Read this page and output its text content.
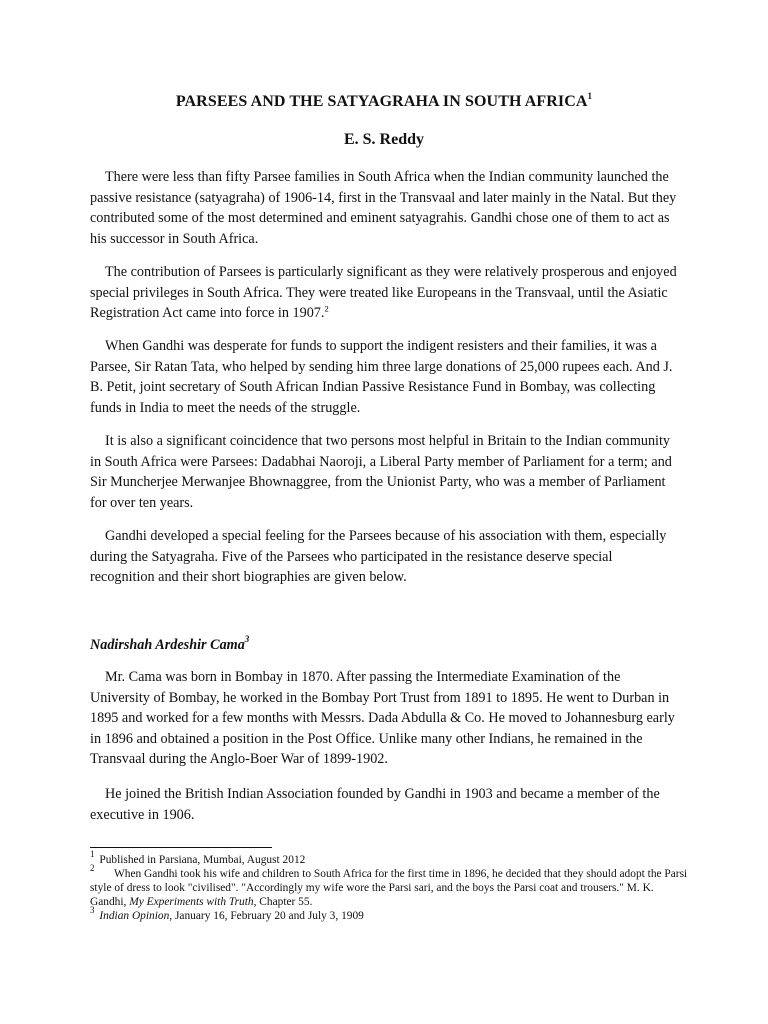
PARSEES AND THE SATYAGRAHA IN SOUTH AFRICA$^1$
E. S. Reddy

There were less than fifty Parsee families in South Africa when the Indian community launched the passive resistance (satyagraha) of 1906-14, first in the Transvaal and later mainly in the Natal. But they contributed some of the most determined and eminent satyagrahis. Gandhi chose one of them to act as his successor in South Africa.

The contribution of Parsees is particularly significant as they were relatively prosperous and enjoyed special privileges in South Africa. They were treated like Europeans in the Transvaal, until the Asiatic Registration Act came into force in 1907.$^2$

When Gandhi was desperate for funds to support the indigent resisters and their families, it was a Parsee, Sir Ratan Tata, who helped by sending him three large donations of 25,000 rupees each. And J. B. Petit, joint secretary of South African Indian Passive Resistance Fund in Bombay, was collecting funds in India to meet the needs of the struggle.

It is also a significant coincidence that two persons most helpful in Britain to the Indian community in South Africa were Parsees: Dadabhai Naoroji, a Liberal Party member of Parliament for a term; and Sir Muncherjee Merwanjee Bhownaggree, from the Unionist Party, who was a member of Parliament for over ten years.

Gandhi developed a special feeling for the Parsees because of his association with them, especially during the Satyagraha. Five of the Parsees who participated in the resistance deserve special recognition and their short biographies are given below.

Nadirshah Ardeshir Cama$^3$

Mr. Cama was born in Bombay in 1870. After passing the Intermediate Examination of the University of Bombay, he worked in the Bombay Port Trust from 1891 to 1895. He went to Durban in 1895 and worked for a few months with Messrs. Dada Abdulla & Co. He moved to Johannesburg early in 1896 and obtained a position in the Post Office. Unlike many other Indians, he remained in the Transvaal during the Anglo-Boer War of 1899-1902.

He joined the British Indian Association founded by Gandhi in 1903 and became a member of the executive in 1906.

$^1$ Published in Parsiana, Mumbai, August 2012

$^2$ When Gandhi took his wife and children to South Africa for the first time in 1896, he decided that they should adopt the Parsi style of dress to look "civilised". "Accordingly my wife wore the Parsi sari, and the boys the Parsi coat and trousers." M. K. Gandhi, My Experiments with Truth, Chapter 55.

$^3$ Indian Opinion, January 16, February 20 and July 3, 1909
